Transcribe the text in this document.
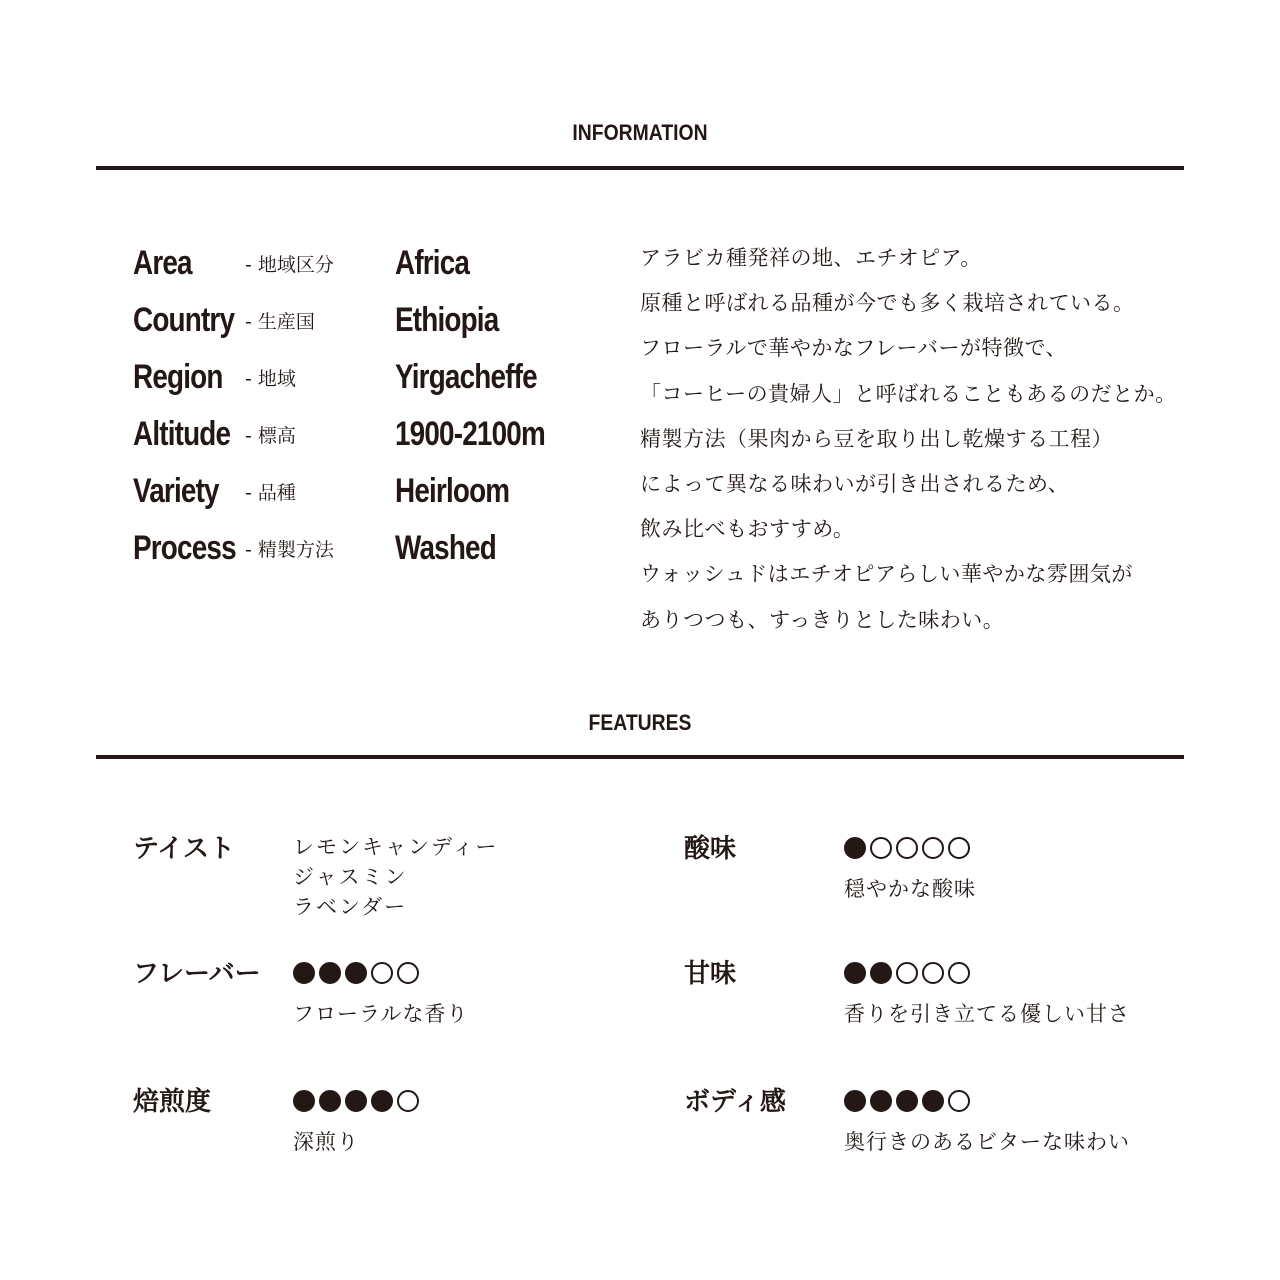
INFORMATION
Area	- 地域区分 Africa
Country - 生産国 Ethiopia
Region - 地域	Yirgacheffe
Altitude - 標高	1900-2100m
Variety - 品種	Heirloom
Process - 精製方法 Washed
アラビカ種発祥の地、エチオピア。
原種と呼ばれる品種が今でも多く栽培されている。
フローラルで華やかなフレーバーが特徴で、
「コーヒーの貴婦人」と呼ばれることもあるのだとか。
精製方法（果肉から豆を取り出し乾燥する工程）
によって異なる味わいが引き出されるため、
飲み比べもおすすめ。
ウォッシュドはエチオピアらしい華やかな雰囲気が
ありつつも、すっきりとした味わい。
FEATURES
テイスト	レモンキャンディー
ジャスミン
ラベンダー
フレーバー
フローラルな香り
焙煎度
深煎り
酸味
穏やかな酸味
甘味
香りを引き立てる優しい甘さ
ボディ感
奥行きのあるビターな味わい
